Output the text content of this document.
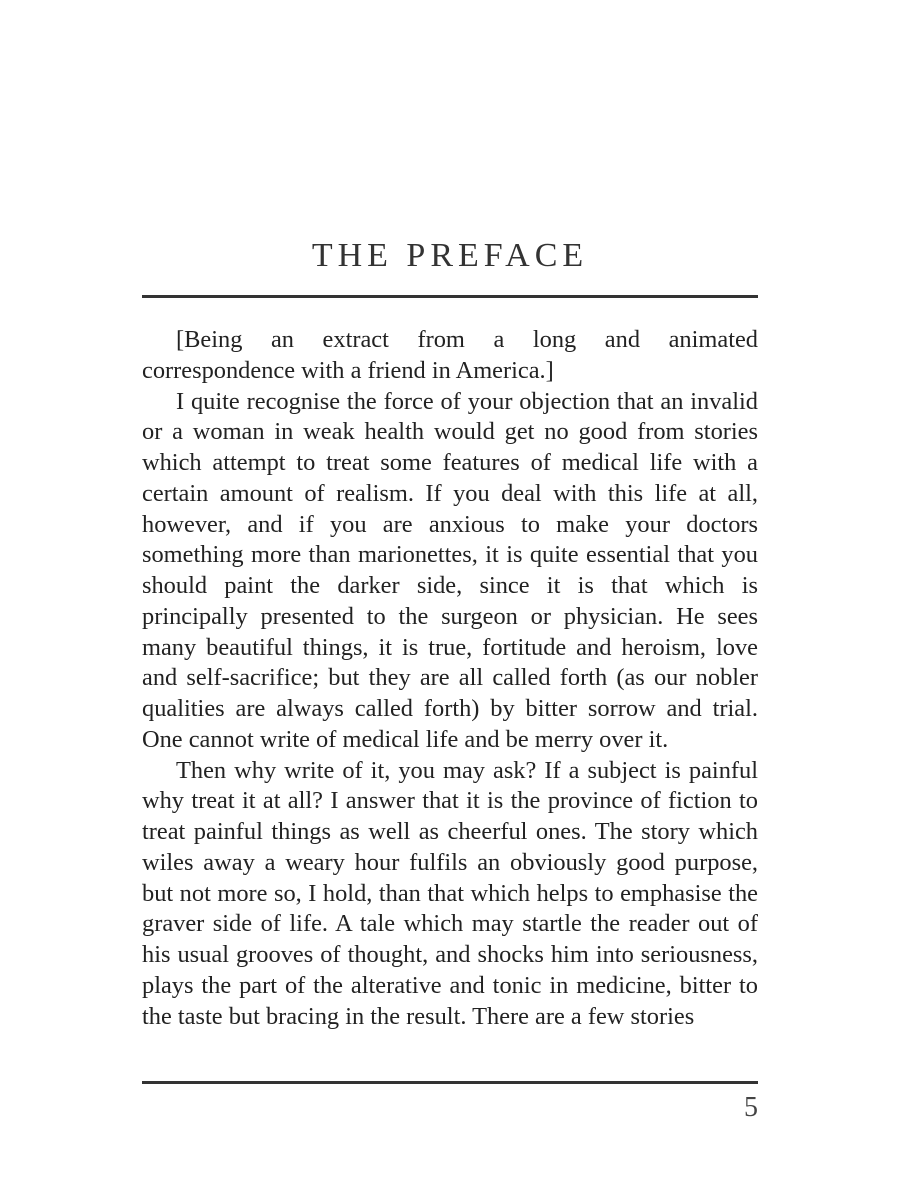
THE PREFACE

[Being an extract from a long and animated correspondence with a friend in America.]

I quite recognise the force of your objection that an invalid or a woman in weak health would get no good from stories which attempt to treat some features of medical life with a certain amount of realism. If you deal with this life at all, however, and if you are anxious to make your doctors something more than marionettes, it is quite essential that you should paint the darker side, since it is that which is principally presented to the surgeon or physician. He sees many beautiful things, it is true, fortitude and heroism, love and self-sacrifice; but they are all called forth (as our nobler qualities are always called forth) by bitter sorrow and trial. One cannot write of medical life and be merry over it.

Then why write of it, you may ask? If a subject is painful why treat it at all? I answer that it is the province of fiction to treat painful things as well as cheerful ones. The story which wiles away a weary hour fulfils an obviously good purpose, but not more so, I hold, than that which helps to emphasise the graver side of life. A tale which may startle the reader out of his usual grooves of thought, and shocks him into seriousness, plays the part of the alterative and tonic in medicine, bitter to the taste but bracing in the result. There are a few stories

5
